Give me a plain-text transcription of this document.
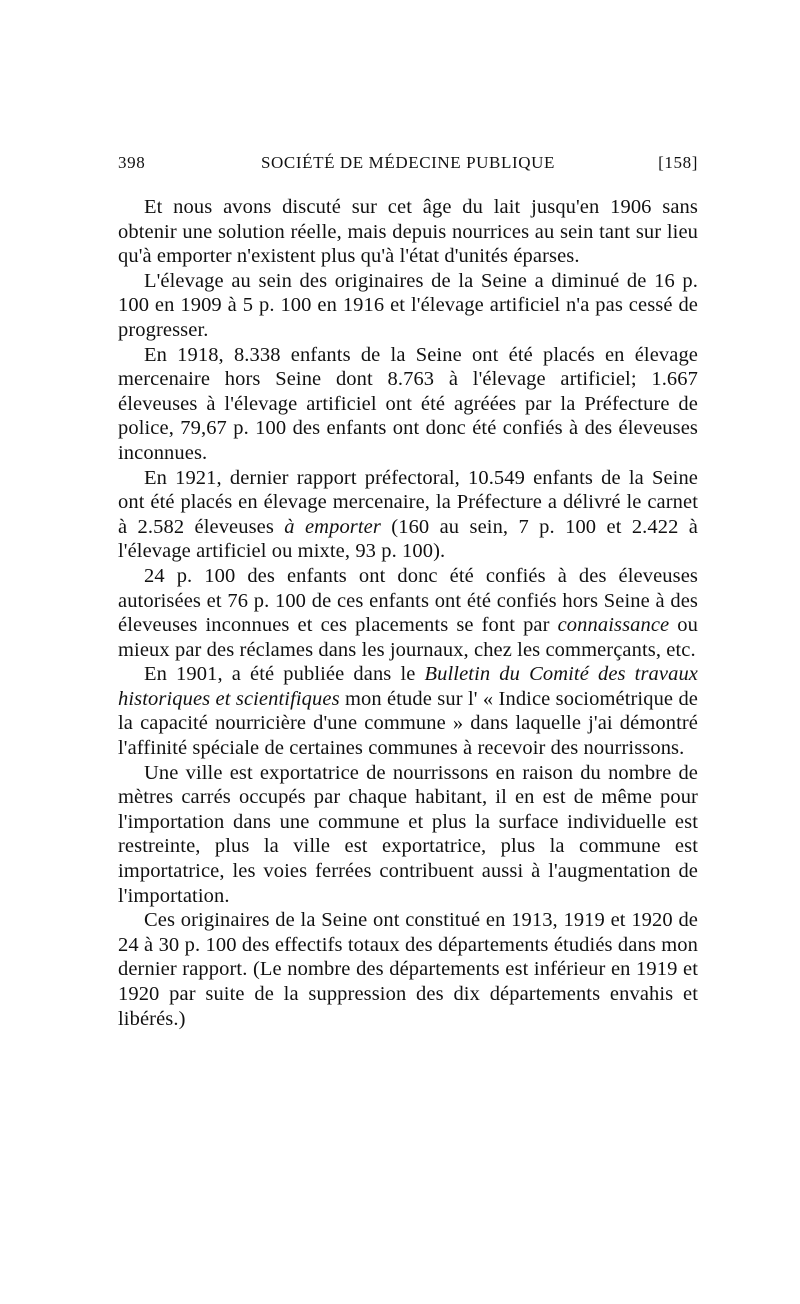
398	SOCIÉTÉ DE MÉDECINE PUBLIQUE	[158]

Et nous avons discuté sur cet âge du lait jusqu'en 1906 sans obtenir une solution réelle, mais depuis nourrices au sein tant sur lieu qu'à emporter n'existent plus qu'à l'état d'unités éparses.

L'élevage au sein des originaires de la Seine a diminué de 16 p. 100 en 1909 à 5 p. 100 en 1916 et l'élevage artificiel n'a pas cessé de progresser.

En 1918, 8.338 enfants de la Seine ont été placés en élevage mercenaire hors Seine dont 8.763 à l'élevage artificiel; 1.667 éleveuses à l'élevage artificiel ont été agréées par la Préfecture de police, 79,67 p. 100 des enfants ont donc été confiés à des éleveuses inconnues.

En 1921, dernier rapport préfectoral, 10.549 enfants de la Seine ont été placés en élevage mercenaire, la Préfecture a délivré le carnet à 2.582 éleveuses à emporter (160 au sein, 7 p. 100 et 2.422 à l'élevage artificiel ou mixte, 93 p. 100).

24 p. 100 des enfants ont donc été confiés à des éleveuses autorisées et 76 p. 100 de ces enfants ont été confiés hors Seine à des éleveuses inconnues et ces placements se font par connaissance ou mieux par des réclames dans les journaux, chez les commerçants, etc.

En 1901, a été publiée dans le Bulletin du Comité des travaux historiques et scientifiques mon étude sur l' « Indice sociométrique de la capacité nourricière d'une commune » dans laquelle j'ai démontré l'affinité spéciale de certaines communes à recevoir des nourrissons.

Une ville est exportatrice de nourrissons en raison du nombre de mètres carrés occupés par chaque habitant, il en est de même pour l'importation dans une commune et plus la surface individuelle est restreinte, plus la ville est exportatrice, plus la commune est importatrice, les voies ferrées contribuent aussi à l'augmentation de l'importation.

Ces originaires de la Seine ont constitué en 1913, 1919 et 1920 de 24 à 30 p. 100 des effectifs totaux des départements étudiés dans mon dernier rapport. (Le nombre des départements est inférieur en 1919 et 1920 par suite de la suppression des dix départements envahis et libérés.)
